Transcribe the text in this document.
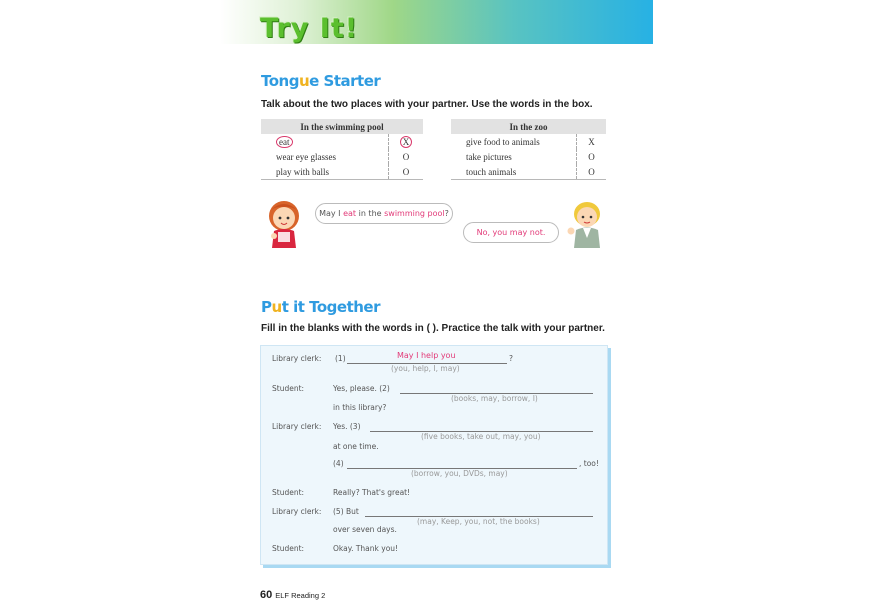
Try It!
Tongue Starter
Talk about the two places with your partner. Use the words in the box.
In the swimming pool	
eat	X
wear eye glasses	O
play with balls	O
In the zoo	
give food to animals	X
take pictures	O
touch animals	O
May I eat in the swimming pool?
No, you may not.
Put it Together
Fill in the blanks with the words in ( ). Practice the talk with your partner.
Library clerk: (1)	May I help you	?
(you, help, I, may)
Student:	Yes, please. (2)
(books, may, borrow, I)
in this library?
Library clerk: Yes. (3)
(five books, take out, may, you)
at one time.
(4)	, too!
(borrow, you, DVDs, may)
Student:	Really? That's great!
Library clerk: (5) But
(may, Keep, you, not, the books)
over seven days.
Student:	Okay. Thank you!
60 ELF Reading 2
